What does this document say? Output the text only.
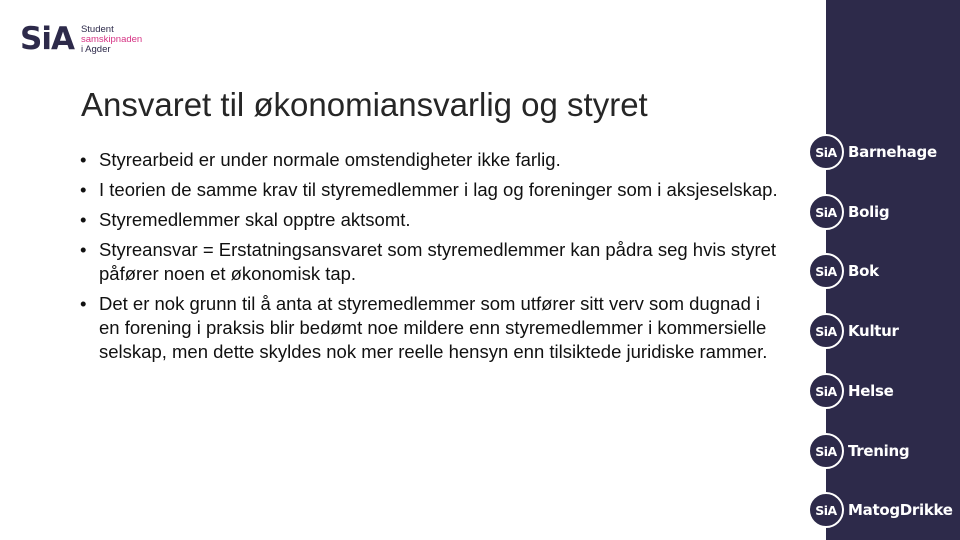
SiA Student
samskipnaden
i Agder
Ansvaret til økonomiansvarlig og styret
• Styrearbeid er under normale omstendigheter ikke farlig.
• I teorien de samme krav til styremedlemmer i lag og foreninger som i aksjeselskap.
• Styremedlemmer skal opptre aktsomt.
• Styreansvar = Erstatningsansvaret som styremedlemmer kan pådra seg hvis styret påfører noen et økonomisk tap.
• Det er nok grunn til å anta at styremedlemmer som utfører sitt verv som dugnad i en forening i praksis blir bedømt noe mildere enn styremedlemmer i kommersielle selskap, men dette skyldes nok mer reelle hensyn enn tilsiktede juridiske rammer.
SiA Barnehage
SiA Bolig
SiA Bok
SiA Kultur
SiA Helse
SiA Trening
SiA MatogDrikke
